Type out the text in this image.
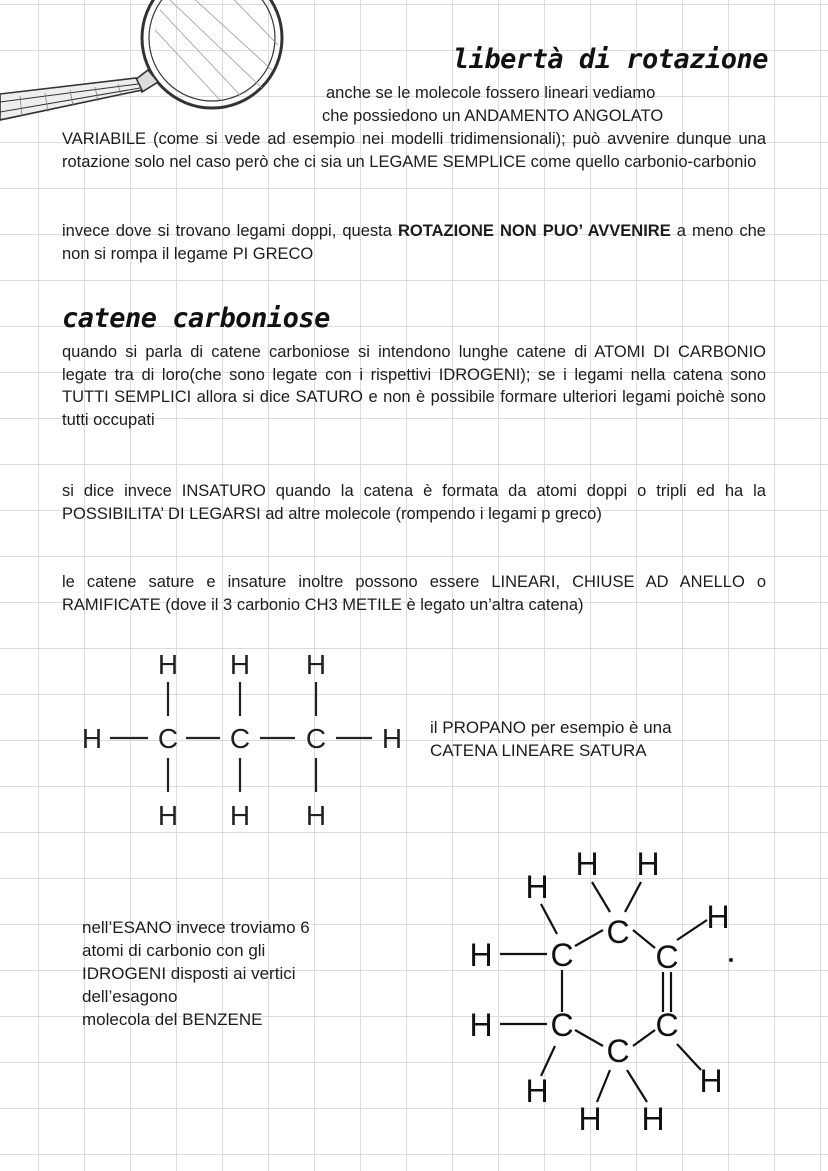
libertà di rotazione
anche se le molecole fossero lineari vediamo
che possiedono un ANDAMENTO ANGOLATO

VARIABILE (come si vede ad esempio nei modelli tridimensionali); può avvenire dunque una rotazione solo nel caso però che ci sia un LEGAME SEMPLICE come quello carbonio-carbonio

invece dove si trovano legami doppi, questa ROTAZIONE NON PUO’ AVVENIRE a meno che non si rompa il legame PI GRECO

catene carboniose

quando si parla di catene carboniose si intendono lunghe catene di ATOMI DI CARBONIO legate tra di loro(che sono legate con i rispettivi IDROGENI); se i legami nella catena sono TUTTI SEMPLICI allora si dice SATURO e non è possibile formare ulteriori legami poichè sono tutti occupati

si dice invece INSATURO quando la catena è formata da atomi doppi o tripli ed ha la POSSIBILITA’ DI LEGARSI ad altre molecole (rompendo i legami p greco)

le catene sature e insature inoltre possono essere LINEARI, CHIUSE AD ANELLO o RAMIFICATE (dove il 3 carbonio CH3 METILE è legato un’altra catena)

H H H
H C C C H
H H H
il PROPANO per esempio è una
CATENA LINEARE SATURA
nell’ESANO invece troviamo 6
atomi di carbonio con gli
IDROGENI disposti ai vertici
dell’esagono
molecola del BENZENE
H H
H
H
C
C	C
H
H C	C
C
H	H
H H
